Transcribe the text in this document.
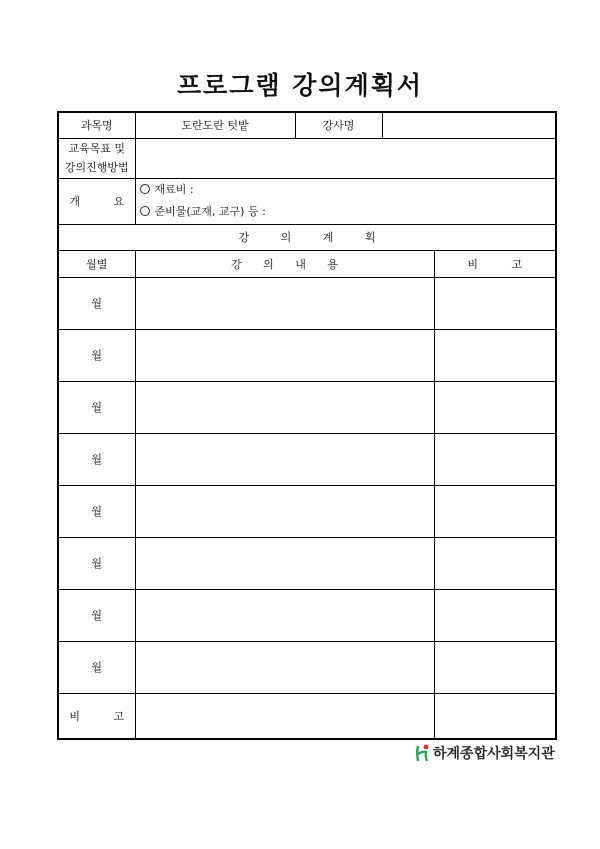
프로그램 강의계획서
과목명	도란도란 텃밭	강사명		

교육목표 및
강의진행방법				

개 요	재료비 :
준비물(교재, 교구) 등 :			

강 의 계 획				
월별	강 의 내 용			비 고
월				
월				
월				
월				
월				
월				
월				
월				
비 고				
하계종합사회복지관
